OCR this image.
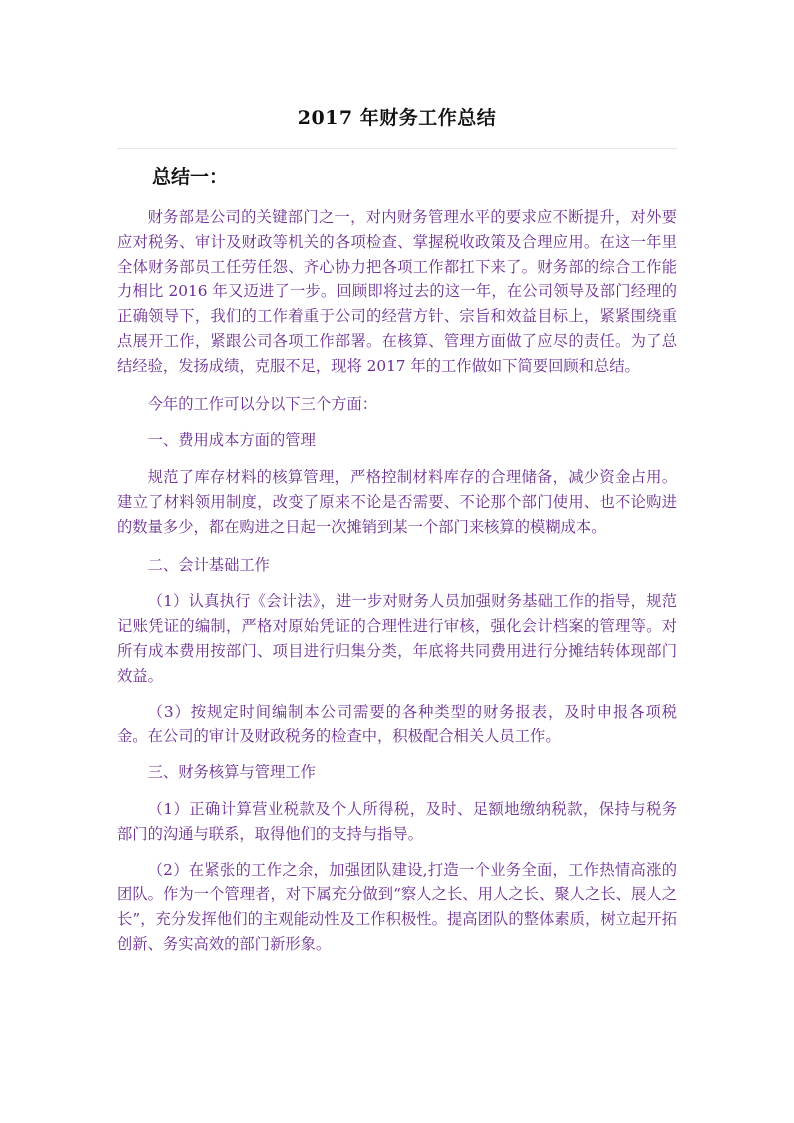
2017 年财务工作总结
总结一：

财务部是公司的关键部门之一，对内财务管理水平的要求应不断提升，对外要应对税务、审计及财政等机关的各项检查、掌握税收政策及合理应用。在这一年里全体财务部员工任劳任怨、齐心协力把各项工作都扛下来了。财务部的综合工作能力相比 2016 年又迈进了一步。回顾即将过去的这一年，在公司领导及部门经理的正确领导下，我们的工作着重于公司的经营方针、宗旨和效益目标上，紧紧围绕重点展开工作，紧跟公司各项工作部署。在核算、管理方面做了应尽的责任。为了总结经验，发扬成绩，克服不足，现将 2017 年的工作做如下简要回顾和总结。

今年的工作可以分以下三个方面：

一、费用成本方面的管理

规范了库存材料的核算管理，严格控制材料库存的合理储备，减少资金占用。建立了材料领用制度，改变了原来不论是否需要、不论那个部门使用、也不论购进的数量多少，都在购进之日起一次摊销到某一个部门来核算的模糊成本。

二、会计基础工作

（1）认真执行《会计法》，进一步对财务人员加强财务基础工作的指导，规范记账凭证的编制，严格对原始凭证的合理性进行审核，强化会计档案的管理等。对所有成本费用按部门、项目进行归集分类，年底将共同费用进行分摊结转体现部门效益。

（3）按规定时间编制本公司需要的各种类型的财务报表，及时申报各项税金。在公司的审计及财政税务的检查中，积极配合相关人员工作。

三、财务核算与管理工作

（1）正确计算营业税款及个人所得税，及时、足额地缴纳税款，保持与税务部门的沟通与联系，取得他们的支持与指导。

（2）在紧张的工作之余，加强团队建设,打造一个业务全面，工作热情高涨的团队。作为一个管理者，对下属充分做到“察人之长、用人之长、聚人之长、展人之长”，充分发挥他们的主观能动性及工作积极性。提高团队的整体素质，树立起开拓创新、务实高效的部门新形象。
